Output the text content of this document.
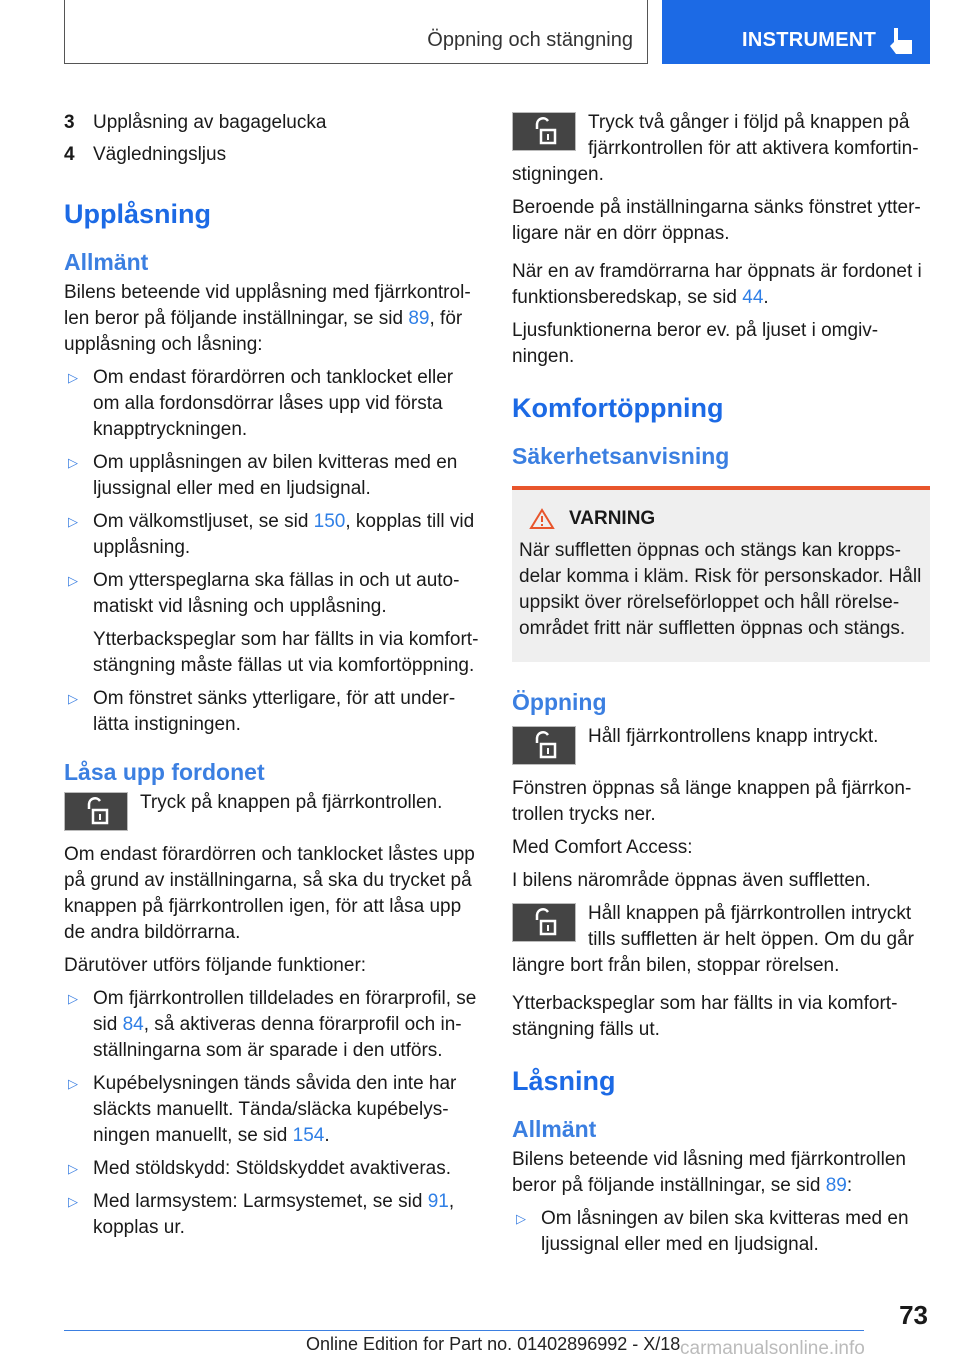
Öppning och stängning	INSTRUMENT
3 Upplåsning av bagagelucka
4 Vägledningsljus
Upplåsning
Allmänt

Bilens beteende vid upplåsning med fjärrkontrollen beror på följande inställningar, se sid 89, för upplåsning och låsning:

▷ Om endast förardörren och tanklocket eller om alla fordonsdörrar låses upp vid första knapptryckningen.
▷ Om upplåsningen av bilen kvitteras med en ljussignal eller med en ljudsignal.
▷ Om välkomstljuset, se sid 150, kopplas till vid upplåsning.
▷ Om ytterspeglarna ska fällas in och ut automatiskt vid låsning och upplåsning.

Ytterbackspeglar som har fällts in via komfortstängning måste fällas ut via komfortöppning.

▷ Om fönstret sänks ytterligare, för att underlätta instigningen.
Låsa upp fordonet
Tryck på knappen på fjärrkontrollen.

Om endast förardörren och tanklocket låstes upp på grund av inställningarna, så ska du trycket på knappen på fjärrkontrollen igen, för att låsa upp de andra bildörrarna.

Därutöver utförs följande funktioner:

▷ Om fjärrkontrollen tilldelades en förarprofil, se sid 84, så aktiveras denna förarprofil och inställningarna som är sparade i den utförs.
▷ Kupébelysningen tänds såvida den inte har släckts manuellt. Tända/släcka kupébelysningen manuellt, se sid 154.
▷ Med stöldskydd: Stöldskyddet avaktiveras.
▷ Med larmsystem: Larmsystemet, se sid 91, kopplas ur.
Tryck två gånger i följd på knappen på fjärrkontrollen för att aktivera komfortinstigningen.

Beroende på inställningarna sänks fönstret ytterligare när en dörr öppnas.

När en av framdörrarna har öppnats är fordonet i funktionsberedskap, se sid 44.

Ljusfunktionerna beror ev. på ljuset i omgivningen.

Komfortöppning
Säkerhetsanvisning
VARNING
När suffletten öppnas och stängs kan kroppsdelar komma i kläm. Risk för personskador. Håll uppsikt över rörelseförloppet och håll rörelseområdet fritt när suffletten öppnas och stängs.
Öppning
Håll fjärrkontrollens knapp intryckt.

Fönstren öppnas så länge knappen på fjärrkontrollen trycks ner.

Med Comfort Access:

I bilens närområde öppnas även suffletten.

Håll knappen på fjärrkontrollen intryckt tills suffletten är helt öppen. Om du går längre bort från bilen, stoppar rörelsen.

Ytterbackspeglar som har fällts in via komfortstängning fälls ut.

Låsning
Allmänt

Bilens beteende vid låsning med fjärrkontrollen beror på följande inställningar, se sid 89:

▷ Om låsningen av bilen ska kvitteras med en ljussignal eller med en ljudsignal.
73
Online Edition for Part no. 01402896992 - X/18 carmanualsonline.info
